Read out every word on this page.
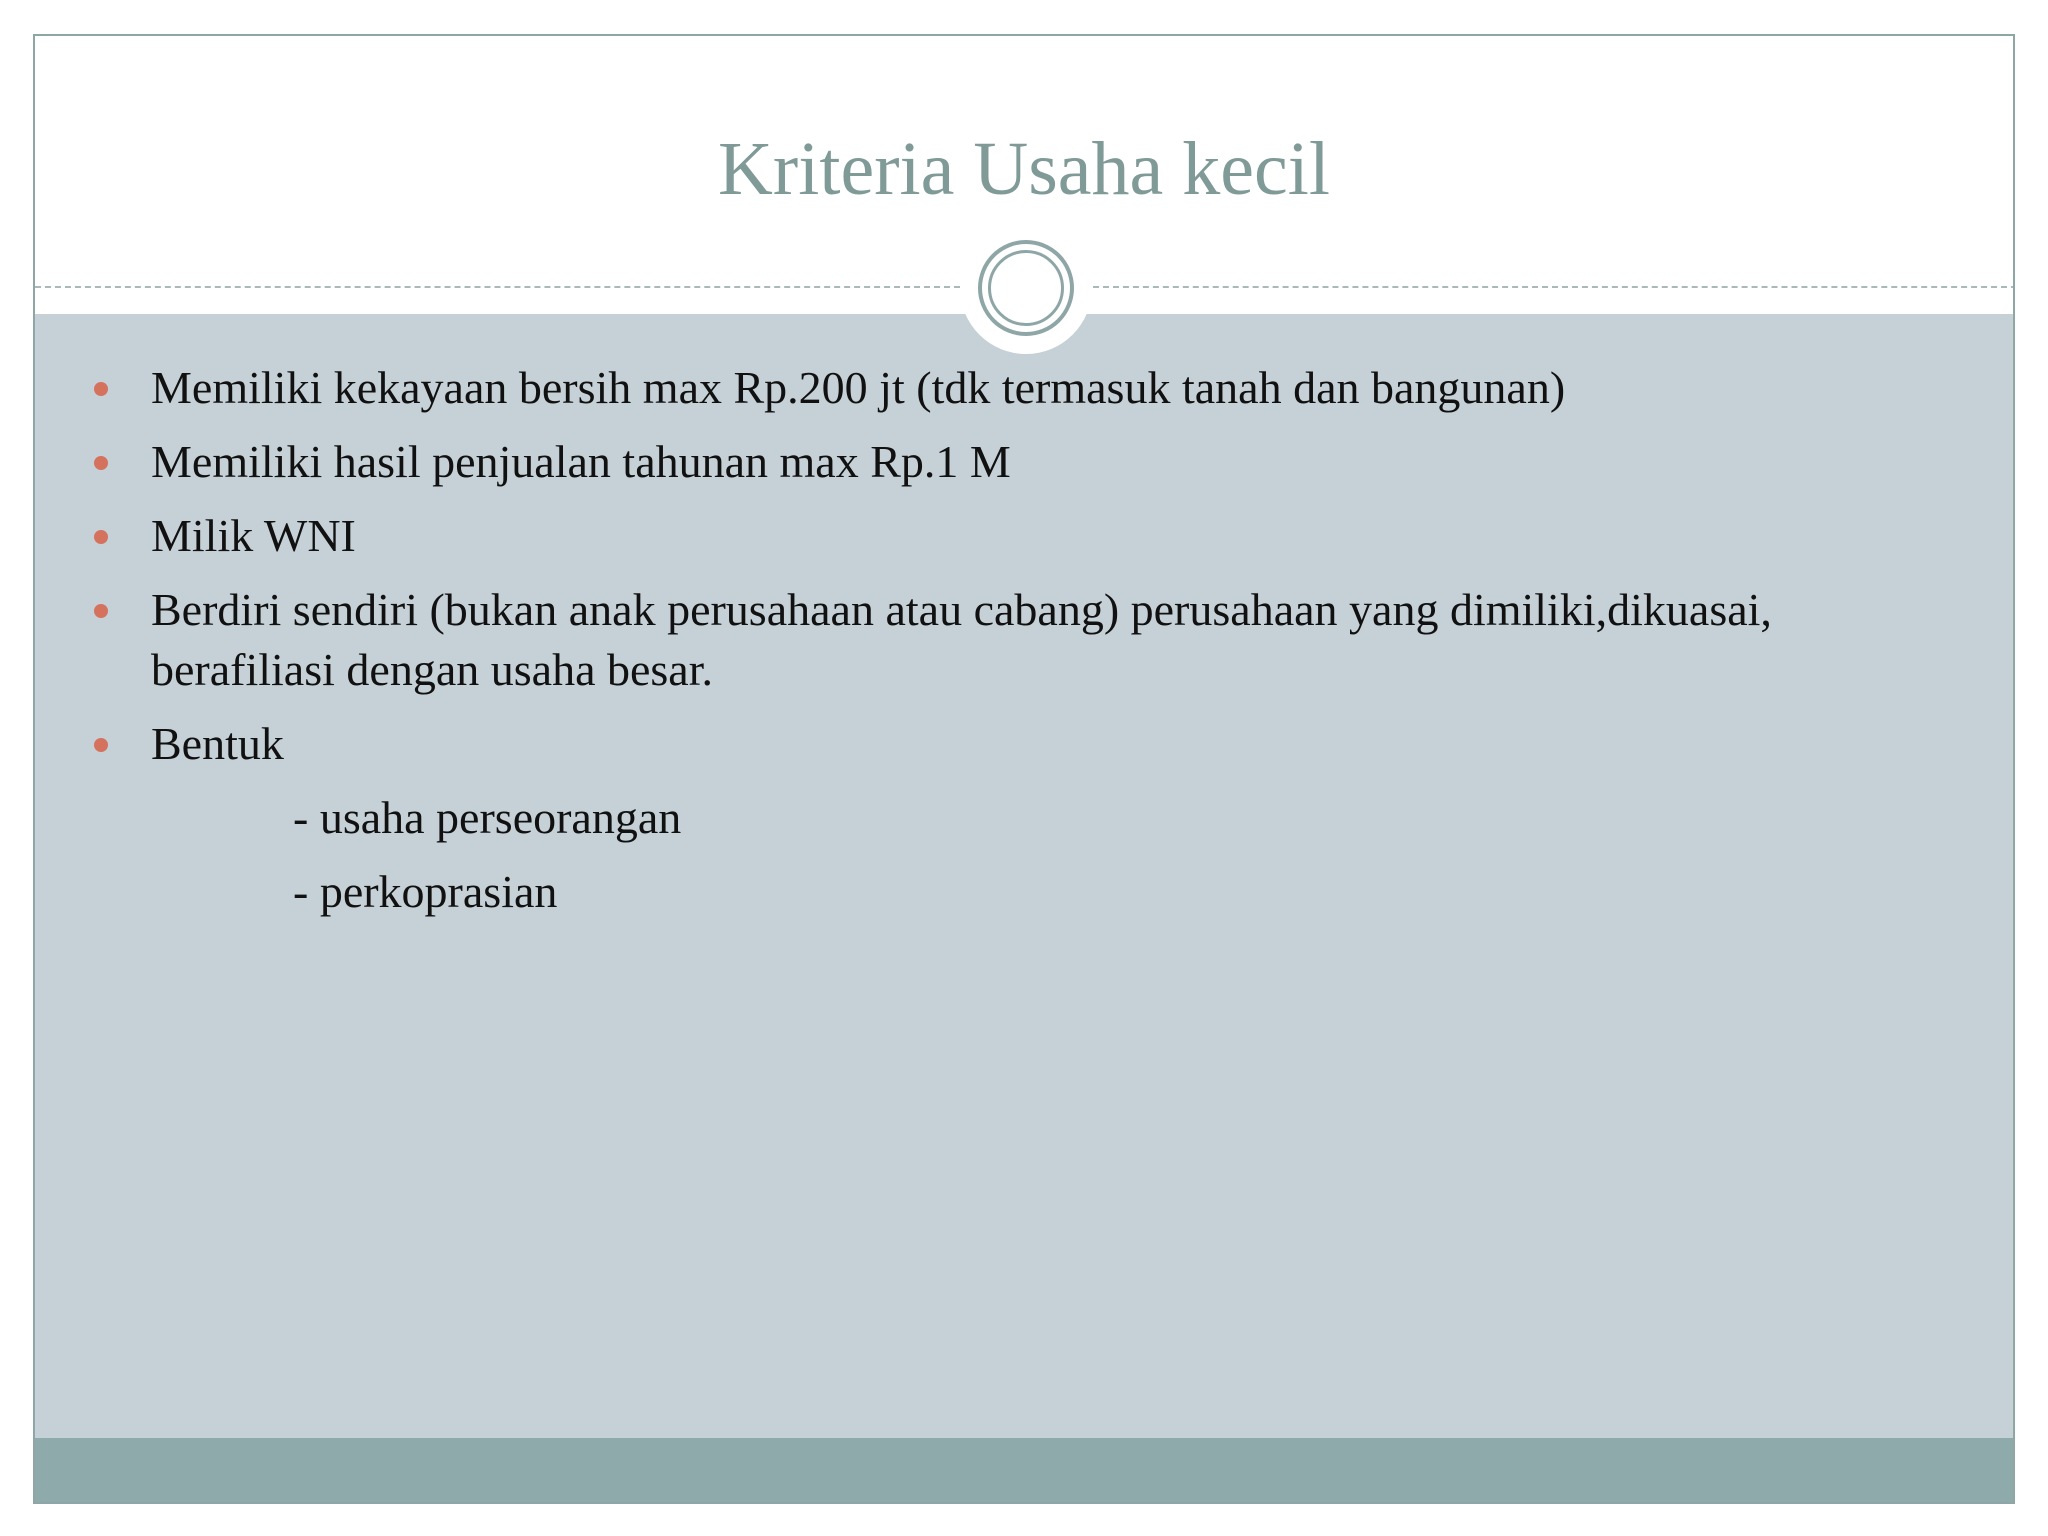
Kriteria Usaha kecil
Memiliki kekayaan bersih max Rp.200 jt (tdk termasuk tanah dan bangunan)
Memiliki hasil penjualan tahunan max Rp.1 M
Milik WNI
Berdiri sendiri (bukan anak perusahaan atau cabang) perusahaan yang dimiliki,dikuasai, berafiliasi dengan usaha besar.
Bentuk
- usaha perseorangan
- perkoprasian
